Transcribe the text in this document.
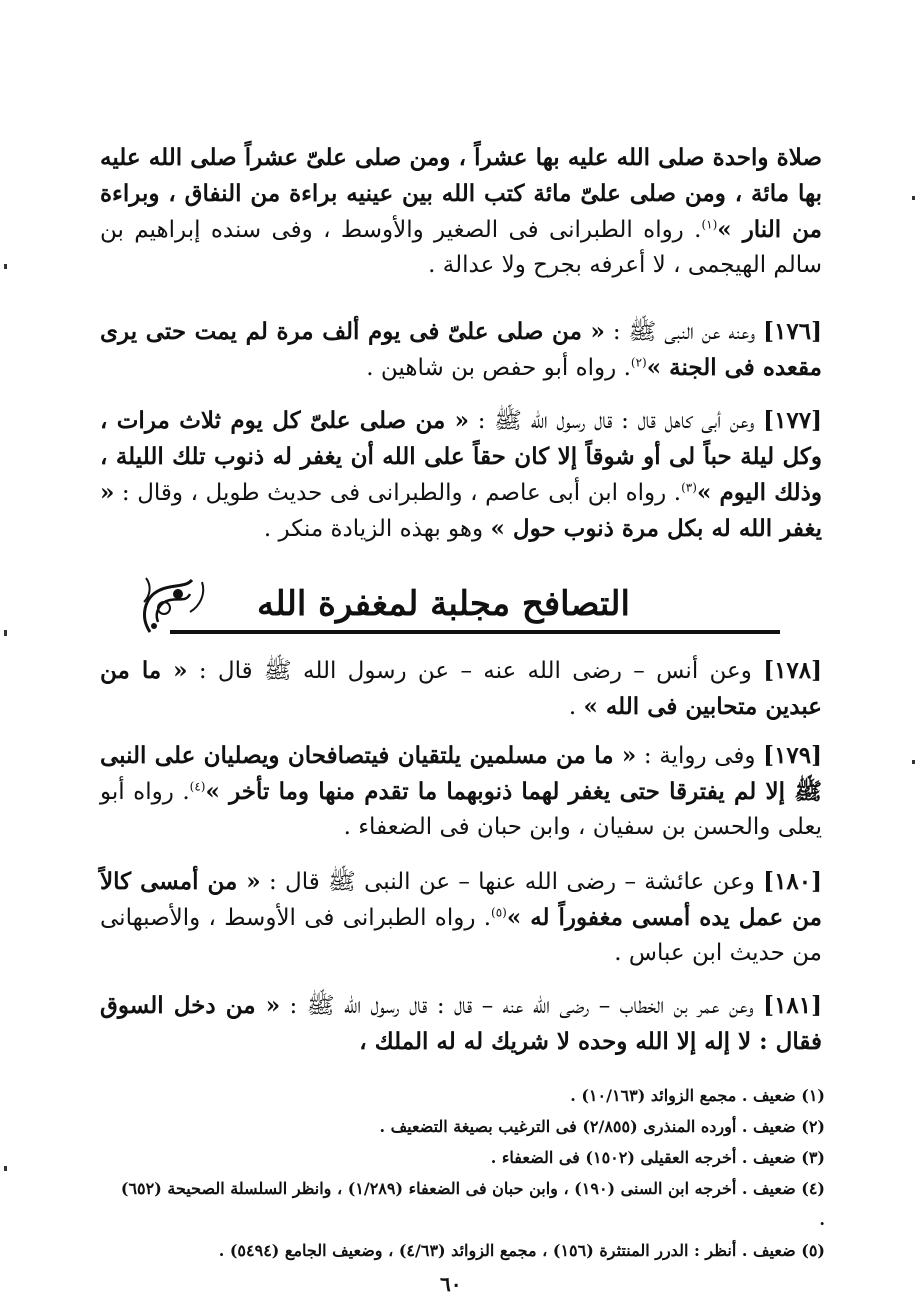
صلاة واحدة صلى الله عليه بها عشراً ، ومن صلى علىّ عشراً صلى الله عليه بها مائة ، ومن صلى علىّ مائة كتب الله بين عينيه براءة من النفاق ، وبراءة من النار »$^{(١)}$. رواه الطبرانى فى الصغير والأوسط ، وفى سنده إبراهيم بن سالم الهيجمى ، لا أعرفه بجرح ولا عدالة .
[١٧٦] وعنه عن النبى ﷺ : « من صلى علىّ فى يوم ألف مرة لم يمت حتى يرى مقعده فى الجنة »$^{(٢)}$. رواه أبو حفص بن شاهين .
[١٧٧] وعن أبى كاهل قال : قال رسول الله ﷺ : « من صلى علىّ كل يوم ثلاث مرات ، وكل ليلة حباً لى أو شوقاً إلا كان حقاً على الله أن يغفر له ذنوب تلك الليلة ، وذلك اليوم »$^{(٣)}$. رواه ابن أبى عاصم ، والطبرانى فى حديث طويل ، وقال : « يغفر الله له بكل مرة ذنوب حول » وهو بهذه الزيادة منكر .
التصافح مجلبة لمغفرة الله
[١٧٨] وعن أنس – رضى الله عنه – عن رسول الله ﷺ قال : « ما من عبدين متحابين فى الله » .
[١٧٩] وفى رواية : « ما من مسلمين يلتقيان فيتصافحان ويصليان على النبى ﷺ إلا لم يفترقا حتى يغفر لهما ذنوبهما ما تقدم منها وما تأخر »$^{(٤)}$. رواه أبو يعلى والحسن بن سفيان ، وابن حبان فى الضعفاء .
[١٨٠] وعن عائشة – رضى الله عنها – عن النبى ﷺ قال : « من أمسى كالاً من عمل يده أمسى مغفوراً له »$^{(٥)}$. رواه الطبرانى فى الأوسط ، والأصبهانى من حديث ابن عباس .
[١٨١] وعن عمر بن الخطاب – رضى الله عنه – قال : قال رسول الله ﷺ : « من دخل السوق فقال : لا إله إلا الله وحده لا شريك له له الملك ،
(١) ضعيف . مجمع الزوائد (١٠/١٦٣) .
(٢) ضعيف . أورده المنذرى (٢/٨٥٥) فى الترغيب بصيغة التضعيف .
(٣) ضعيف . أخرجه العقيلى (١٥٠٢) فى الضعفاء .
(٤) ضعيف . أخرجه ابن السنى (١٩٠) ، وابن حبان فى الضعفاء (١/٢٨٩) ، وانظر السلسلة الصحيحة (٦٥٢) .
(٥) ضعيف . أنظر : الدرر المنتثرة (١٥٦) ، مجمع الزوائد (٤/٦٣) ، وضعيف الجامع (٥٤٩٤) .
٦٠
